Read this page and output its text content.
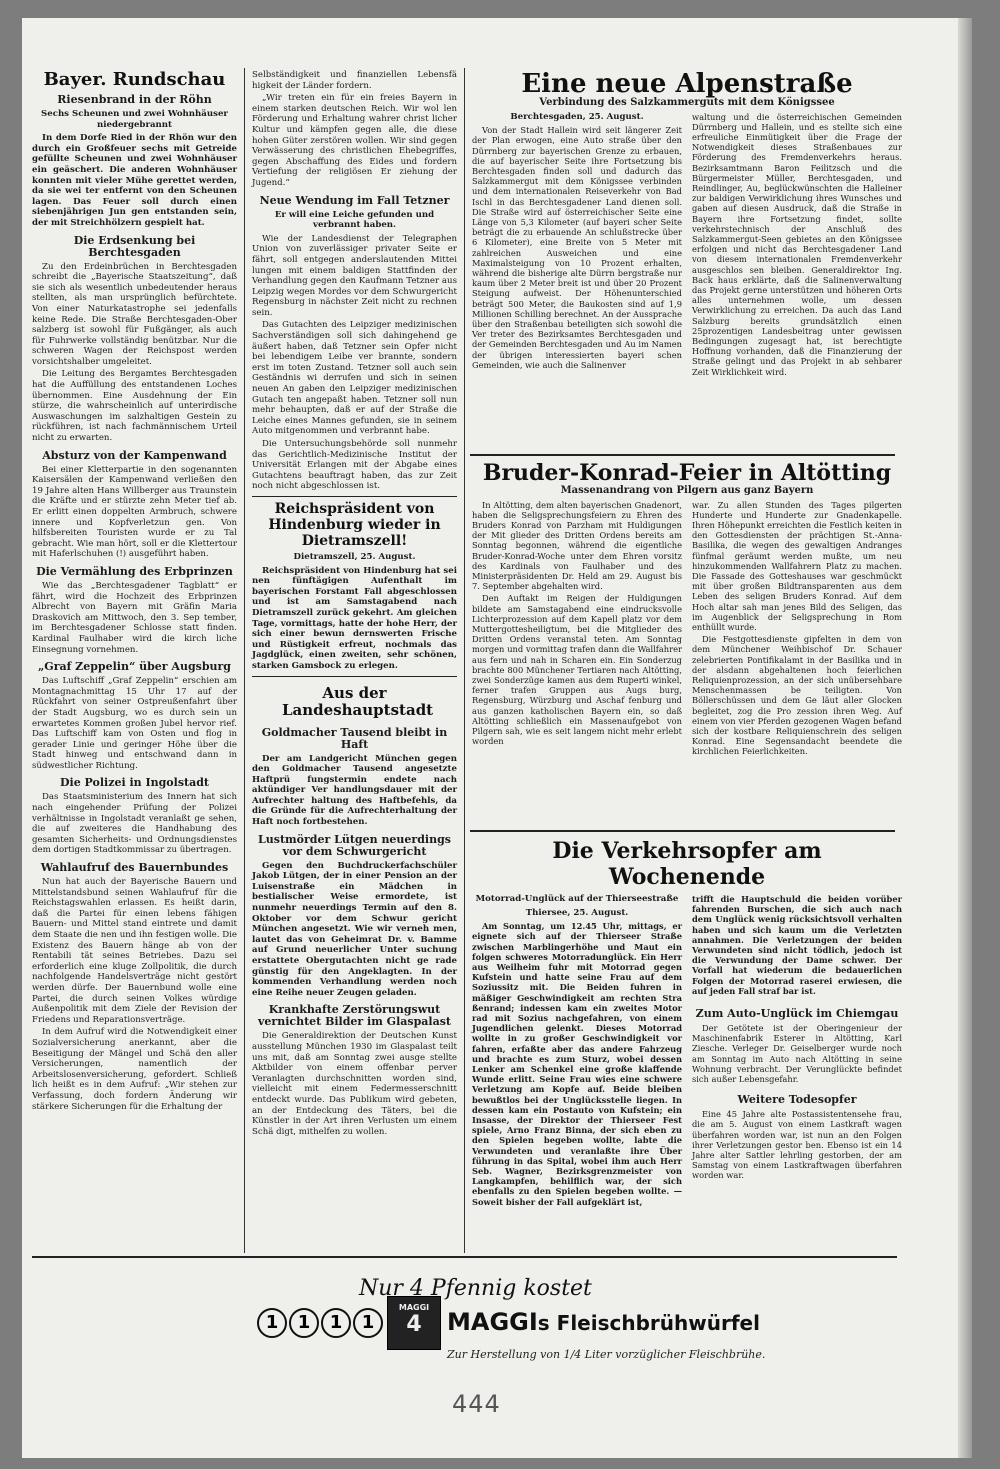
Bayer. Rundschau
Riesenbrand in der Röhn
Sechs Scheunen und zwei Wohnhäuser niedergebrannt

In dem Dorfe Ried in der Rhön wur den durch ein Großfeuer sechs mit Getreide gefüllte Scheunen und zwei Wohnhäuser ein geäschert. Die anderen Wohnhäuser konnten mit vieler Mühe gerettet werden, da sie wei ter entfernt von den Scheunen lagen. Das Feuer soll durch einen siebenjährigen Jun gen entstanden sein, der mit Streichhölzern gespielt hat.

Die Erdsenkung bei Berchtesgaden

Zu den Erdeinbrüchen in Berchtesgaden schreibt die „Bayerische Staatszeitung“, daß sie sich als wesentlich unbedeutender heraus stellten, als man ursprünglich befürchtete. Von einer Naturkatastrophe sei jedenfalls keine Rede. Die Straße Berchtesgaden-Ober salzberg ist sowohl für Fußgänger, als auch für Fuhrwerke vollständig benützbar. Nur die schweren Wagen der Reichspost werden vorsichtshalber umgeleitet.

Die Leitung des Bergamtes Berchtesgaden hat die Auffüllung des entstandenen Loches übernommen. Eine Ausdehnung der Ein stürze, die wahrscheinlich auf unterirdische Auswaschungen im salzhaltigen Gestein zu rückführen, ist nach fachmännischem Urteil nicht zu erwarten.

Absturz von der Kampenwand

Bei einer Kletterpartie in den sogenannten Kaisersälen der Kampenwand verließen den 19 Jahre alten Hans Willberger aus Traunstein die Kräfte und er stürzte zehn Meter tief ab. Er erlitt einen doppelten Armbruch, schwere innere und Kopfverletzun gen. Von hilfsbereiten Touristen wurde er zu Tal gebracht. Wie man hört, soll er die Klettertour mit Haferlschuhen (!) ausgeführt haben.

Die Vermählung des Erbprinzen

Wie das „Berchtesgadener Tagblatt“ er fährt, wird die Hochzeit des Erbprinzen Albrecht von Bayern mit Gräfin Maria Draskovich am Mittwoch, den 3. Sep tember, im Berchtesgadener Schlosse statt finden. Kardinal Faulhaber wird die kirch liche Einsegnung vornehmen.

„Graf Zeppelin“ über Augsburg

Das Luftschiff „Graf Zeppelin“ erschien am Montagnachmittag 15 Uhr 17 auf der Rückfahrt von seiner Ostpreußenfahrt über der Stadt Augsburg, wo es durch sein un erwartetes Kommen großen Jubel hervor rief. Das Luftschiff kam von Osten und flog in gerader Linie und geringer Höhe über die Stadt hinweg und entschwand dann in südwestlicher Richtung.

Die Polizei in Ingolstadt

Das Staatsministerium des Innern hat sich nach eingehender Prüfung der Polizei verhältnisse in Ingolstadt veranlaßt ge sehen, die auf zweiteres die Handhabung des gesamten Sicherheits- und Ordnungsdienstes dem dortigen Stadtkommissar zu übertragen.

Wahlaufruf des Bauernbundes

Nun hat auch der Bayerische Bauern und Mittelstandsbund seinen Wahlaufruf für die Reichstagswahlen erlassen. Es heißt darin, daß die Partei für einen lebens fähigen Bauern- und Mittel stand eintrete und damit dem Staate die nen und ihn festigen wolle. Die Existenz des Bauern hänge ab von der Rentabili tät seines Betriebes. Dazu sei erforderlich eine kluge Zollpolitik, die durch nachfolgende Handelsverträge nicht gestört werden dürfe. Der Bauernbund wolle eine Partei, die durch seinen Volkes würdige Außenpolitik mit dem Ziele der Revision der Friedens und Reparationsverträge.

In dem Aufruf wird die Notwendigkeit einer Sozialversicherung anerkannt, aber die Beseitigung der Mängel und Schä den aller Versicherungen, namentlich der Arbeitslosenversicherung, gefordert. Schließ lich heißt es in dem Aufruf: „Wir stehen zur Verfassung, doch fordern Änderung wir stärkere Sicherungen für die Erhaltung der

Selbständigkeit und finanziellen Lebensfä higkeit der Länder fordern.

„Wir treten ein für ein freies Bayern in einem starken deutschen Reich. Wir wol len Förderung und Erhaltung wahrer christ licher Kultur und kämpfen gegen alle, die diese hohen Güter zerstören wollen. Wir sind gegen Verwässerung des christlichen Ehebegriffes, gegen Abschaffung des Eides und fordern Vertiefung der religiösen Er ziehung der Jugend.“

Neue Wendung im Fall Tetzner
Er will eine Leiche gefunden und verbrannt haben.

Wie der Landesdienst der Telegraphen Union von zuverlässiger privater Seite er fährt, soll entgegen anderslautenden Mittei lungen mit einem baldigen Stattfinden der Verhandlung gegen den Kaufmann Tetzner aus Leipzig wegen Mordes vor dem Schwurgericht Regensburg in nächster Zeit nicht zu rechnen sein.

Das Gutachten des Leipziger medizinischen Sachverständigen soll sich dahingehend ge äußert haben, daß Tetzner sein Opfer nicht bei lebendigem Leibe ver brannte, sondern erst im toten Zustand. Tetzner soll auch sein Geständnis wi derrufen und sich in seinen neuen An gaben den Leipziger medizinischen Gutach ten angepaßt haben. Tetzner soll nun mehr behaupten, daß er auf der Straße die Leiche eines Mannes gefunden, sie in seinem Auto mitgenommen und verbrannt habe.

Die Untersuchungsbehörde soll nunmehr das Gerichtlich-Medizinische Institut der Universität Erlangen mit der Abgabe eines Gutachtens beauftragt haben, das zur Zeit noch nicht abgeschlossen ist.

Reichspräsident von Hindenburg wieder in Dietramszell!
Dietramszell, 25. August.

Reichspräsident von Hindenburg hat sei nen fünftägigen Aufenthalt im bayerischen Forstamt Fall abgeschlossen und ist am Samstagabend nach Dietramszell zurück gekehrt. Am gleichen Tage, vormittags, hatte der hohe Herr, der sich einer bewun dernswerten Frische und Rüstigkeit erfreut, nochmals das Jagdglück, einen zweiten, sehr schönen, starken Gamsbock zu erlegen.

Aus der Landeshauptstadt
Goldmacher Tausend bleibt in Haft

Der am Landgericht München gegen den Goldmacher Tausend angesetzte Haftprü fungstermin endete nach aktündiger Ver handlungsdauer mit der Aufrechter haltung des Haftbefehls, da die Gründe für die Aufrechterhaltung der Haft noch fortbestehen.

Lustmörder Lütgen neuerdings vor dem Schwurgericht

Gegen den Buchdruckerfachschüler Jakob Lütgen, der in einer Pension an der Luisenstraße ein Mädchen in bestialischer Weise ermordete, ist nunmehr neuerdings Termin auf den 8. Oktober vor dem Schwur gericht München angesetzt. Wie wir verneh men, lautet das von Geheimrat Dr. v. Bamme auf Grund neuerlicher Unter suchung erstattete Obergutachten nicht ge rade günstig für den Angeklagten. In der kommenden Verhandlung werden noch eine Reihe neuer Zeugen geladen.

Krankhafte Zerstörungswut vernichtet Bilder im Glaspalast

Die Generaldirektion der Deutschen Kunst ausstellung München 1930 im Glaspalast teilt uns mit, daß am Sonntag zwei ausge stellte Aktbilder von einem offenbar perver Veranlagten durchschnitten worden sind, vielleicht mit einem Federmesserschnitt entdeckt wurde. Das Publikum wird gebeten, an der Entdeckung des Täters, bei die Künstler in der Art ihren Verlusten um einem Schä digt, mithelfen zu wollen.

Eine neue Alpenstraße
Verbindung des Salzkammerguts mit dem Königssee
Berchtesgaden, 25. August.

Von der Stadt Hallein wird seit längerer Zeit der Plan erwogen, eine Auto straße über den Dürrnberg zur bayerischen Grenze zu erbauen, die auf bayerischer Seite ihre Fortsetzung bis Berchtesgaden finden soll und dadurch das Salzkammergut mit dem Königssee verbinden und dem internationalen Reiseverkehr von Bad Ischl in das Berchtesgadener Land dienen soll. Die Straße wird auf österreichischer Seite eine Länge von 5,3 Kilometer (auf bayeri scher Seite beträgt die zu erbauende An schlußstrecke über 6 Kilometer), eine Breite von 5 Meter mit zahlreichen Ausweichen und eine Maximalsteigung von 10 Prozent erhalten, während die bisherige alte Dürrn bergstraße nur kaum über 2 Meter breit ist und über 20 Prozent Steigung aufweist. Der Höhenunterschied beträgt 500 Meter, die Baukosten sind auf 1,9 Millionen Schilling berechnet. An der Aussprache über den Straßenbau beteiligten sich sowohl die Ver treter des Bezirksamtes Berchtesgaden und der Gemeinden Berchtesgaden und Au im Namen der übrigen interessierten bayeri schen Gemeinden, wie auch die Salinenver

waltung und die österreichischen Gemeinden Dürrnberg und Hallein, und es stellte sich eine erfreuliche Einmütigkeit über die Frage der Notwendigkeit dieses Straßenbaues zur Förderung des Fremdenverkehrs heraus. Bezirksamtmann Baron Feilitzsch und die Bürgermeister Müller, Berchtesgaden, und Reindlinger, Au, beglückwünschten die Halleiner zur baldigen Verwirklichung ihres Wunsches und gaben auf diesen Ausdruck, daß die Straße in Bayern ihre Fortsetzung findet, sollte verkehrstechnisch der Anschluß des Salzkammergut-Seen gebietes an den Königssee erfolgen und nicht das Berchtesgadener Land von diesem internationalen Fremdenverkehr ausgeschlos sen bleiben. Generaldirektor Ing. Back haus erklärte, daß die Salinenverwaltung das Projekt gerne unterstützen und höheren Orts alles unternehmen wolle, um dessen Verwirklichung zu erreichen. Da auch das Land Salzburg bereits grundsätzlich einen 25prozentigen Landesbeitrag unter gewissen Bedingungen zugesagt hat, ist berechtigte Hoffnung vorhanden, daß die Finanzierung der Straße gelingt und das Projekt in ab sehbarer Zeit Wirklichkeit wird.

Bruder-Konrad-Feier in Altötting
Massenandrang von Pilgern aus ganz Bayern

In Altötting, dem alten bayerischen Gnadenort, haben die Seligsprechungsfeiern zu Ehren des Bruders Konrad von Parzham mit Huldigungen der Mit glieder des Dritten Ordens bereits am Sonntag begonnen, während die eigentliche Bruder-Konrad-Woche unter dem Ehren vorsitz des Kardinals von Faulhaber und des Ministerpräsidenten Dr. Held am 29. August bis 7. September abgehalten wird.

Den Auftakt im Reigen der Huldigungen bildete am Samstagabend eine eindrucksvolle Lichterprozession auf dem Kapell platz vor dem Muttergottesheiligtum, bei die Mitglieder des Dritten Ordens veranstal teten. Am Sonntag morgen und vormittag trafen dann die Wallfahrer aus fern und nah in Scharen ein. Ein Sonderzug brachte 800 Münchener Tertiaren nach Altötting, zwei Sonderzüge kamen aus dem Ruperti winkel, ferner trafen Gruppen aus Augs burg, Regensburg, Würzburg und Aschaf fenburg und aus ganzen katholischen Bayern ein, so daß Altötting schließlich ein Massenaufgebot von Pilgern sah, wie es seit langem nicht mehr erlebt worden

war. Zu allen Stunden des Tages pilgerten Hunderte und Hunderte zur Gnadenkapelle. Ihren Höhepunkt erreichten die Festlich keiten in den Gottesdiensten der prächtigen St.-Anna-Basilika, die wegen des gewaltigen Andranges fünfmal geräumt werden mußte, um neu hinzukommenden Wallfahrern Platz zu machen. Die Fassade des Gotteshauses war geschmückt mit über großen Bildtransparenten aus dem Leben des seligen Bruders Konrad. Auf dem Hoch altar sah man jenes Bild des Seligen, das im Augenblick der Seligsprechung in Rom enthüllt wurde.

Die Festgottesdienste gipfelten in dem von dem Münchener Weihbischof Dr. Schauer zelebrierten Pontifikalamt in der Basilika und in der alsdann abgehaltenen hoch feierlichen Reliquienprozession, an der sich unübersehbare Menschenmassen be teiligten. Von Böllerschüssen und dem Ge läut aller Glocken begleitet, zog die Pro zession ihren Weg. Auf einem von vier Pferden gezogenen Wagen befand sich der kostbare Reliquienschrein des seligen Konrad. Eine Segensandacht beendete die kirchlichen Feierlichkeiten.

Die Verkehrsopfer am Wochenende
Motorrad-Unglück auf der Thierseestraße
Thiersee, 25. August.

Am Sonntag, um 12.45 Uhr, mittags, er eignete sich auf der Thierseer Straße zwischen Marblingerhöhe und Maut ein folgen schweres Motorradunglück. Ein Herr aus Weilheim fuhr mit Motorrad gegen Kufstein und hatte seine Frau auf dem Soziussitz mit. Die Beiden fuhren in mäßiger Geschwindigkeit am rechten Stra ßenrand; indessen kam ein zweites Motor rad mit Sozius nachgefahren, von einem Jugendlichen gelenkt. Dieses Motorrad wollte in zu großer Geschwindigkeit vor fahren, erfaßte aber das andere Fahrzeug und brachte es zum Sturz, wobei dessen Lenker am Schenkel eine große klaffende Wunde erlitt. Seine Frau wies eine schwere Verletzung am Kopfe auf. Beide bleiben bewußtlos bei der Unglücksstelle liegen. In dessen kam ein Postauto von Kufstein; ein Insasse, der Direktor der Thierseer Fest spiele, Arno Franz Binna, der sich eben zu den Spielen begeben wollte, labte die Verwundeten und veranlaßte ihre Über führung in das Spital, wobei ihm auch Herr Seb. Wagner, Bezirksgrenzmeister von Langkampfen, behilflich war, der sich ebenfalls zu den Spielen begeben wollte. — Soweit bisher der Fall aufgeklärt ist,

trifft die Hauptschuld die beiden vorüber fahrenden Burschen, die sich auch nach dem Unglück wenig rücksichtsvoll verhalten haben und sich kaum um die Verletzten annahmen. Die Verletzungen der beiden Verwundeten sind nicht tödlich, jedoch ist die Verwundung der Dame schwer. Der Vorfall hat wiederum die bedauerlichen Folgen der Motorrad raserei erwiesen, die auf jeden Fall straf bar ist.

Zum Auto-Unglück im Chiemgau

Der Getötete ist der Oberingenieur der Maschinenfabrik Esterer in Altötting, Karl Ziesche. Verleger Dr. Geiselberger wurde noch am Sonntag im Auto nach Altötting in seine Wohnung verbracht. Der Verunglückte befindet sich außer Lebensgefahr.

Weitere Todesopfer

Eine 45 Jahre alte Postassistentensehe frau, die am 5. August von einem Lastkraft wagen überfahren worden war, ist nun an den Folgen ihrer Verletzungen gestor ben. Ebenso ist ein 14 Jahre alter Sattler lehrling gestorben, der am Samstag von einem Lastkraftwagen überfahren worden war.

1	1	1	1
MAGGI
4
Nur 4 Pfennig kostet
MAGGIs Fleischbrühwürfel
Zur Herstellung von 1/4 Liter vorzüglicher Fleischbrühe.
444
